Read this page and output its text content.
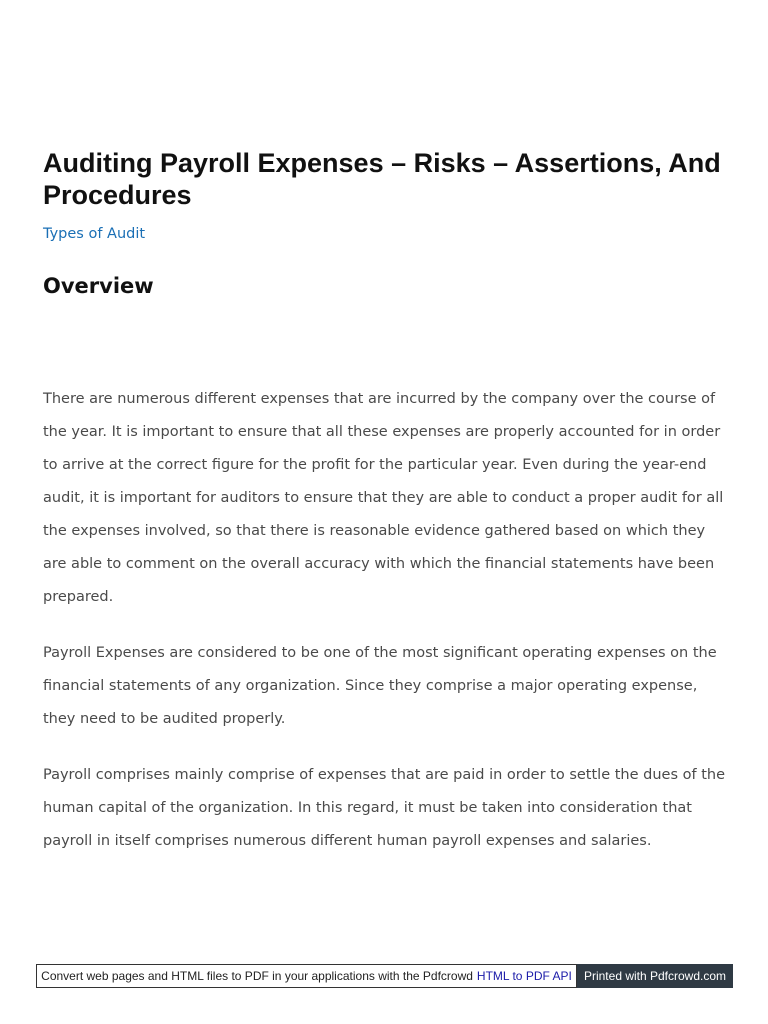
Auditing Payroll Expenses – Risks – Assertions, And Procedures
Types of Audit
Overview

There are numerous different expenses that are incurred by the company over the course of the year. It is important to ensure that all these expenses are properly accounted for in order to arrive at the correct figure for the profit for the particular year. Even during the year-end audit, it is important for auditors to ensure that they are able to conduct a proper audit for all the expenses involved, so that there is reasonable evidence gathered based on which they are able to comment on the overall accuracy with which the financial statements have been prepared.

Payroll Expenses are considered to be one of the most significant operating expenses on the financial statements of any organization. Since they comprise a major operating expense, they need to be audited properly.

Payroll comprises mainly comprise of expenses that are paid in order to settle the dues of the human capital of the organization. In this regard, it must be taken into consideration that payroll in itself comprises numerous different human payroll expenses and salaries.

Convert web pages and HTML files to PDF in your applications with the Pdfcrowd HTML to PDF API Printed with Pdfcrowd.com
